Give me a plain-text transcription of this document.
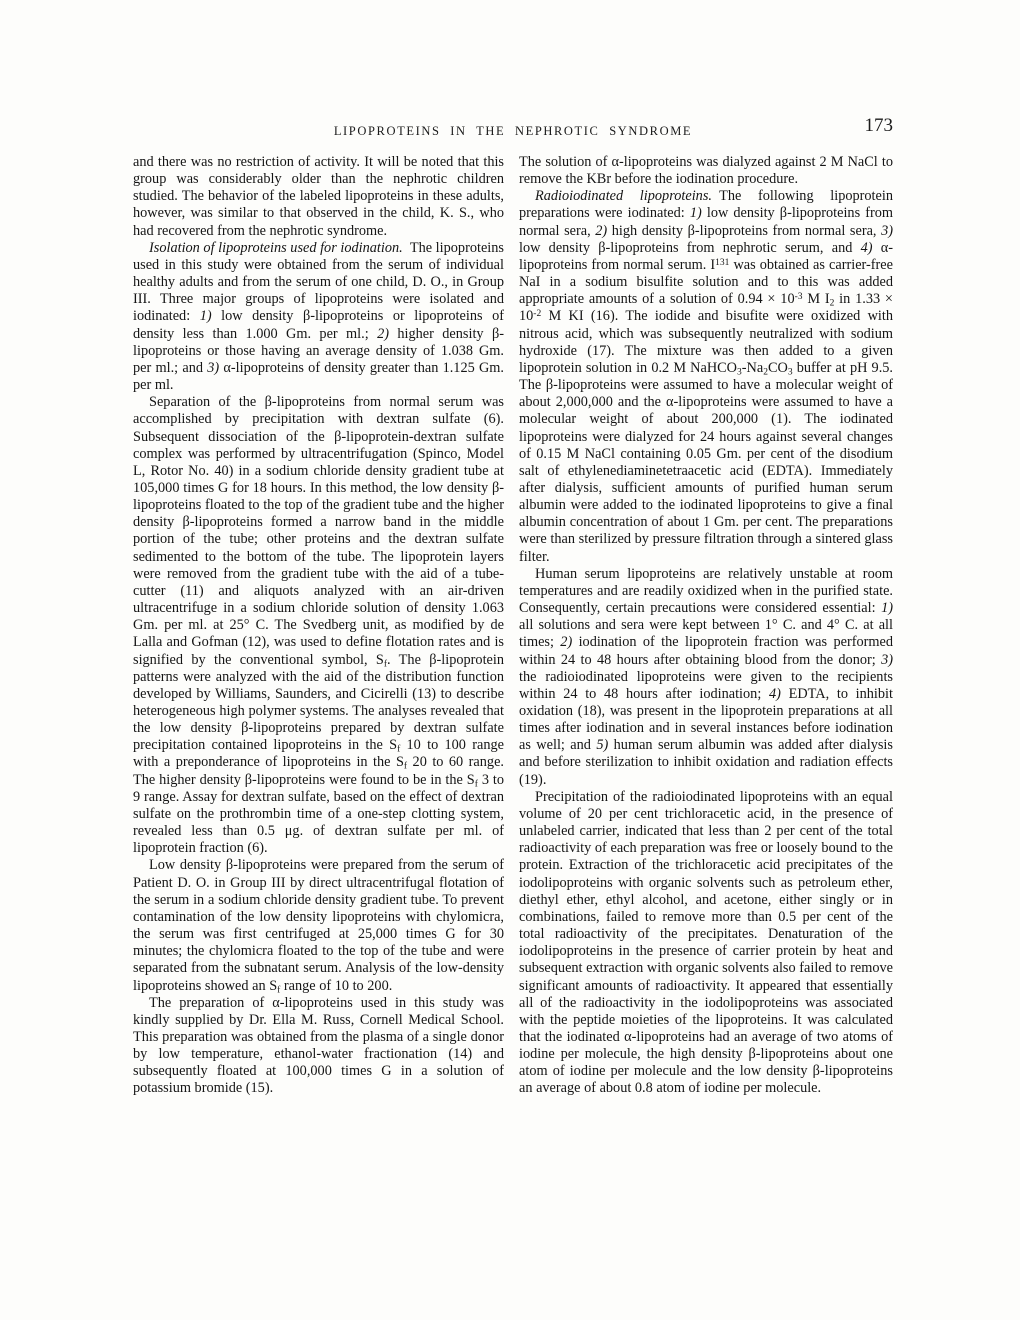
LIPOPROTEINS IN THE NEPHROTIC SYNDROME	173

and there was no restriction of activity. It will be noted that this group was considerably older than the nephrotic children studied. The behavior of the labeled lipoproteins in these adults, however, was similar to that observed in the child, K. S., who had recovered from the nephrotic syndrome.

Isolation of lipoproteins used for iodination. The lipoproteins used in this study were obtained from the serum of individual healthy adults and from the serum of one child, D. O., in Group III. Three major groups of lipoproteins were isolated and iodinated: 1) low density β-lipoproteins or lipoproteins of density less than 1.000 Gm. per ml.; 2) higher density β-lipoproteins or those having an average density of 1.038 Gm. per ml.; and 3) α-lipoproteins of density greater than 1.125 Gm. per ml.

Separation of the β-lipoproteins from normal serum was accomplished by precipitation with dextran sulfate (6). Subsequent dissociation of the β-lipoprotein-dextran sulfate complex was performed by ultracentrifugation (Spinco, Model L, Rotor No. 40) in a sodium chloride density gradient tube at 105,000 times G for 18 hours. In this method, the low density β-lipoproteins floated to the top of the gradient tube and the higher density β-lipoproteins formed a narrow band in the middle portion of the tube; other proteins and the dextran sulfate sedimented to the bottom of the tube. The lipoprotein layers were removed from the gradient tube with the aid of a tube-cutter (11) and aliquots analyzed with an air-driven ultracentrifuge in a sodium chloride solution of density 1.063 Gm. per ml. at 25° C. The Svedberg unit, as modified by de Lalla and Gofman (12), was used to define flotation rates and is signified by the conventional symbol, $S_f$. The β-lipoprotein patterns were analyzed with the aid of the distribution function developed by Williams, Saunders, and Cicirelli (13) to describe heterogeneous high polymer systems. The analyses revealed that the low density β-lipoproteins prepared by dextran sulfate precipitation contained lipoproteins in the $S_f$ 10 to 100 range with a preponderance of lipoproteins in the $S_f$ 20 to 60 range. The higher density β-lipoproteins were found to be in the $S_f$ 3 to 9 range. Assay for dextran sulfate, based on the effect of dextran sulfate on the prothrombin time of a one-step clotting system, revealed less than 0.5 μg. of dextran sulfate per ml. of lipoprotein fraction (6).

Low density β-lipoproteins were prepared from the serum of Patient D. O. in Group III by direct ultracentrifugal flotation of the serum in a sodium chloride density gradient tube. To prevent contamination of the low density lipoproteins with chylomicra, the serum was first centrifuged at 25,000 times G for 30 minutes; the chylomicra floated to the top of the tube and were separated from the subnatant serum. Analysis of the low-density lipoproteins showed an $S_f$ range of 10 to 200.

The preparation of α-lipoproteins used in this study was kindly supplied by Dr. Ella M. Russ, Cornell Medical School. This preparation was obtained from the plasma of a single donor by low temperature, ethanol-water fractionation (14) and subsequently floated at 100,000 times G in a solution of potassium bromide (15).

The solution of α-lipoproteins was dialyzed against 2 M NaCl to remove the KBr before the iodination procedure.

Radioiodinated lipoproteins. The following lipoprotein preparations were iodinated: 1) low density β-lipoproteins from normal sera, 2) high density β-lipoproteins from normal sera, 3) low density β-lipoproteins from nephrotic serum, and 4) α-lipoproteins from normal serum. $I^{131}$ was obtained as carrier-free NaI in a sodium bisulfite solution and to this was added appropriate amounts of a solution of $0.94 \times 10^{-3}$ M $I_2$ in $1.33 \times 10^{-2}$ M KI (16). The iodide and bisufite were oxidized with nitrous acid, which was subsequently neutralized with sodium hydroxide (17). The mixture was then added to a given lipoprotein solution in 0.2 M $NaHCO_3-Na_2CO_3$ buffer at pH 9.5. The β-lipoproteins were assumed to have a molecular weight of about 2,000,000 and the α-lipoproteins were assumed to have a molecular weight of about 200,000 (1). The iodinated lipoproteins were dialyzed for 24 hours against several changes of 0.15 M NaCl containing 0.05 Gm. per cent of the disodium salt of ethylenediaminetetraacetic acid (EDTA). Immediately after dialysis, sufficient amounts of purified human serum albumin were added to the iodinated lipoproteins to give a final albumin concentration of about 1 Gm. per cent. The preparations were than sterilized by pressure filtration through a sintered glass filter.

Human serum lipoproteins are relatively unstable at room temperatures and are readily oxidized when in the purified state. Consequently, certain precautions were considered essential: 1) all solutions and sera were kept between 1° C. and 4° C. at all times; 2) iodination of the lipoprotein fraction was performed within 24 to 48 hours after obtaining blood from the donor; 3) the radioiodinated lipoproteins were given to the recipients within 24 to 48 hours after iodination; 4) EDTA, to inhibit oxidation (18), was present in the lipoprotein preparations at all times after iodination and in several instances before iodination as well; and 5) human serum albumin was added after dialysis and before sterilization to inhibit oxidation and radiation effects (19).

Precipitation of the radioiodinated lipoproteins with an equal volume of 20 per cent trichloracetic acid, in the presence of unlabeled carrier, indicated that less than 2 per cent of the total radioactivity of each preparation was free or loosely bound to the protein. Extraction of the trichloracetic acid precipitates of the iodolipoproteins with organic solvents such as petroleum ether, diethyl ether, ethyl alcohol, and acetone, either singly or in combinations, failed to remove more than 0.5 per cent of the total radioactivity of the precipitates. Denaturation of the iodolipoproteins in the presence of carrier protein by heat and subsequent extraction with organic solvents also failed to remove significant amounts of radioactivity. It appeared that essentially all of the radioactivity in the iodolipoproteins was associated with the peptide moieties of the lipoproteins. It was calculated that the iodinated α-lipoproteins had an average of two atoms of iodine per molecule, the high density β-lipoproteins about one atom of iodine per molecule and the low density β-lipoproteins an average of about 0.8 atom of iodine per molecule.
